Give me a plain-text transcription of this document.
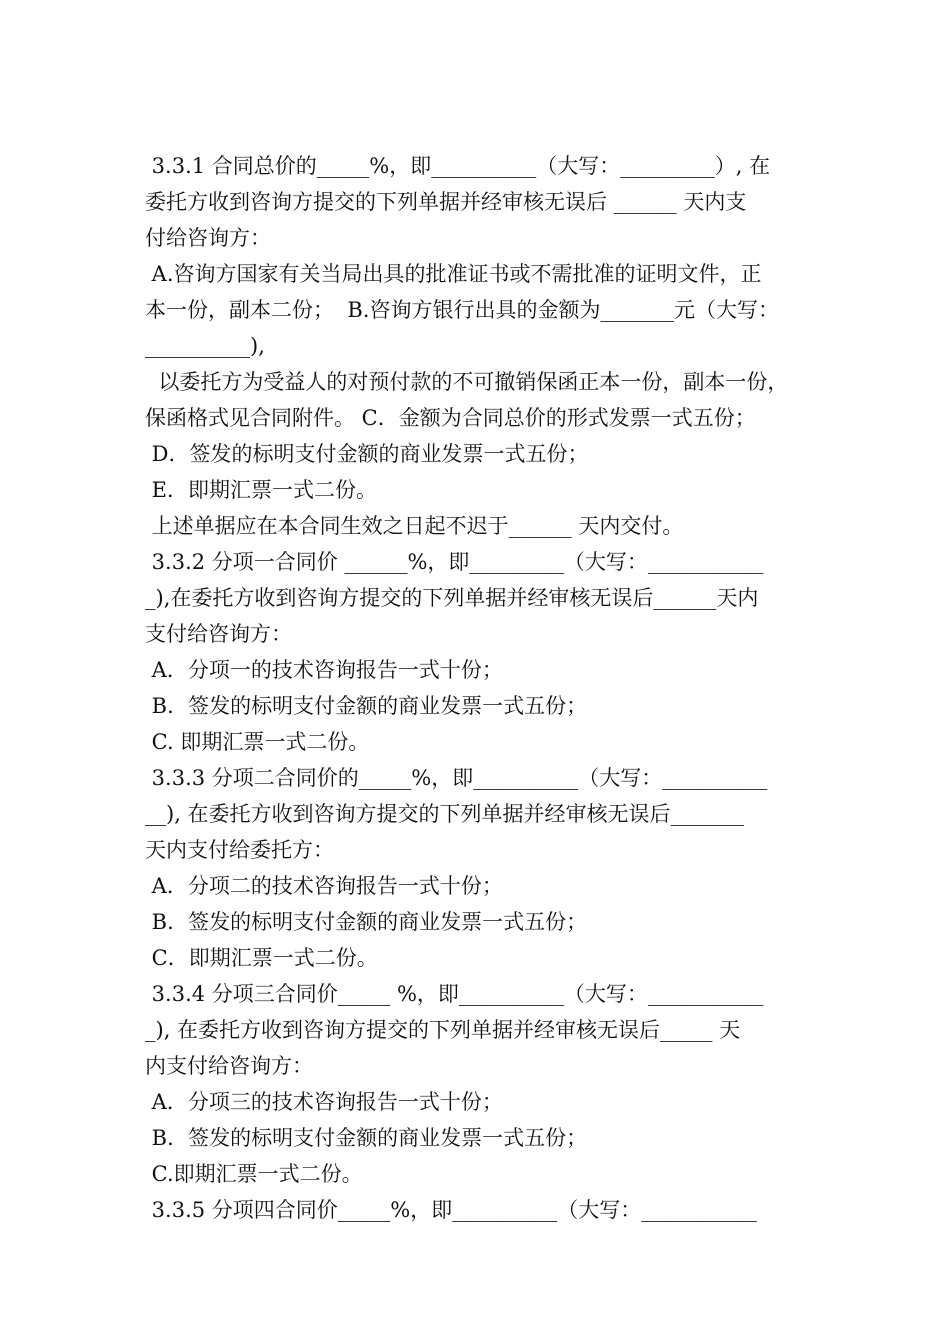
3.3.1 合同总价的_____%，即__________（大写：_________）, 在
委托方收到咨询方提交的下列单据并经审核无误后 ______ 天内支
付给咨询方：
A.咨询方国家有关当局出具的批准证书或不需批准的证明文件，正
本一份，副本二份；  B.咨询方银行出具的金额为_______元（大写：
__________),
以委托方为受益人的对预付款的不可撤销保函正本一份，副本一份，
保函格式见合同附件。 C．金额为合同总价的形式发票一式五份；
D．签发的标明支付金额的商业发票一式五份；
E．即期汇票一式二份。
上述单据应在本合同生效之日起不迟于______ 天内交付。
3.3.2 分项一合同价 ______%，即_________（大写：___________
_),在委托方收到咨询方提交的下列单据并经审核无误后______天内
支付给咨询方：
A．分项一的技术咨询报告一式十份；
B．签发的标明支付金额的商业发票一式五份；
C. 即期汇票一式二份。
3.3.3 分项二合同价的_____%，即__________（大写：__________
__), 在委托方收到咨询方提交的下列单据并经审核无误后_______
天内支付给委托方：
A．分项二的技术咨询报告一式十份；
B．签发的标明支付金额的商业发票一式五份；
C．即期汇票一式二份。
3.3.4 分项三合同价_____ %，即__________（大写：___________
_), 在委托方收到咨询方提交的下列单据并经审核无误后_____ 天
内支付给咨询方：
A．分项三的技术咨询报告一式十份；
B．签发的标明支付金额的商业发票一式五份；
C.即期汇票一式二份。
3.3.5 分项四合同价_____%，即__________（大写：___________
